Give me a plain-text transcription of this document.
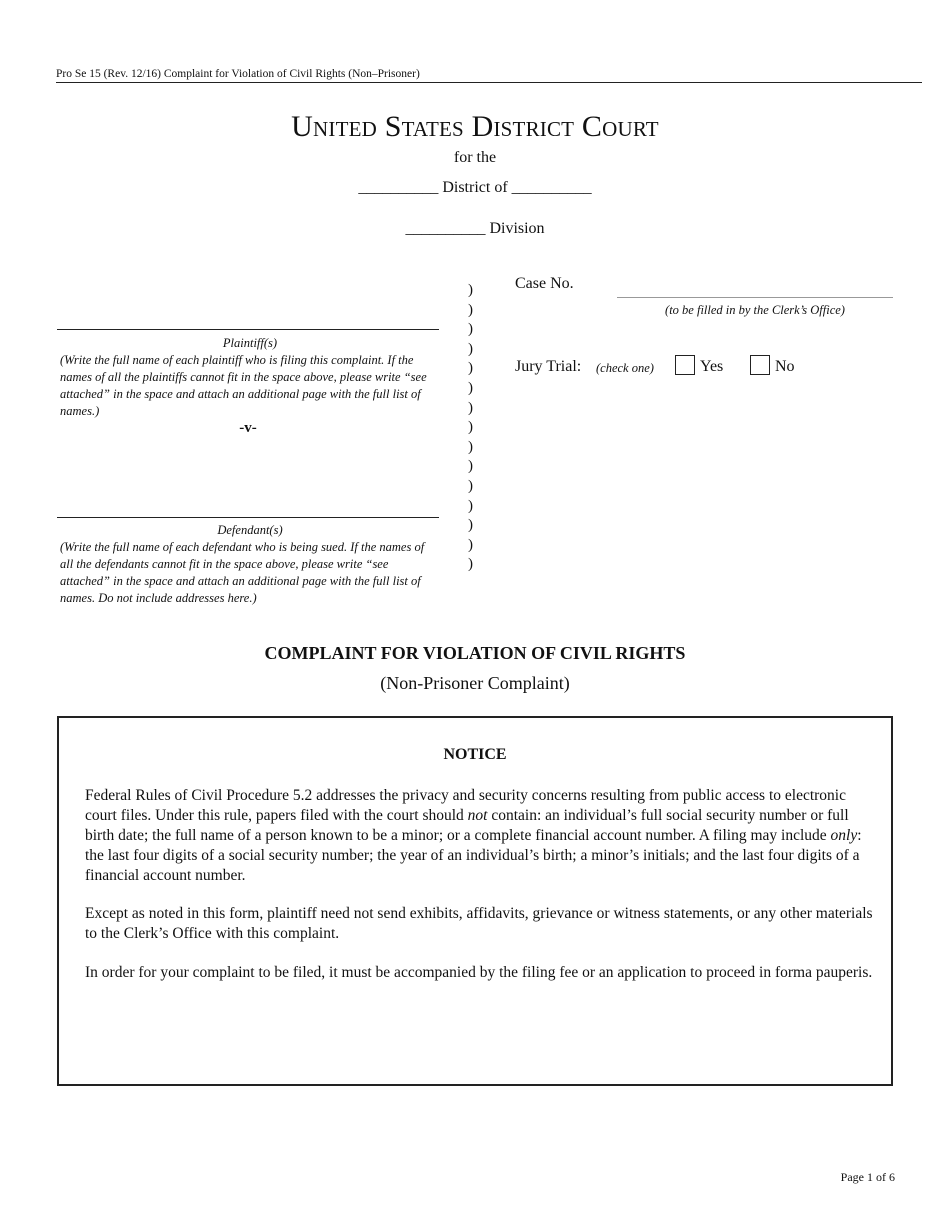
Pro Se 15 (Rev. 12/16) Complaint for Violation of Civil Rights (Non–Prisoner)
United States District Court
for the
__________ District of __________
__________ Division
Plaintiff(s)
(Write the full name of each plaintiff who is filing this complaint. If the names of all the plaintiffs cannot fit in the space above, please write “see attached” in the space and attach an additional page with the full list of names.)
-v-
Defendant(s)
(Write the full name of each defendant who is being sued. If the names of all the defendants cannot fit in the space above, please write “see attached” in the space and attach an additional page with the full list of names. Do not include addresses here.)
)
)
)
)
)
)
)
)
)
)
)
)
)
)
)
Case No.
(to be filled in by the Clerk’s Office)
Jury Trial: (check one)	Yes	No
COMPLAINT FOR VIOLATION OF CIVIL RIGHTS
(Non-Prisoner Complaint)
NOTICE

Federal Rules of Civil Procedure 5.2 addresses the privacy and security concerns resulting from public access to electronic court files. Under this rule, papers filed with the court should not contain: an individual’s full social security number or full birth date; the full name of a person known to be a minor; or a complete financial account number. A filing may include only: the last four digits of a social security number; the year of an individual’s birth; a minor’s initials; and the last four digits of a financial account number.

Except as noted in this form, plaintiff need not send exhibits, affidavits, grievance or witness statements, or any other materials to the Clerk’s Office with this complaint.

In order for your complaint to be filed, it must be accompanied by the filing fee or an application to proceed in forma pauperis.

Page 1 of 6
